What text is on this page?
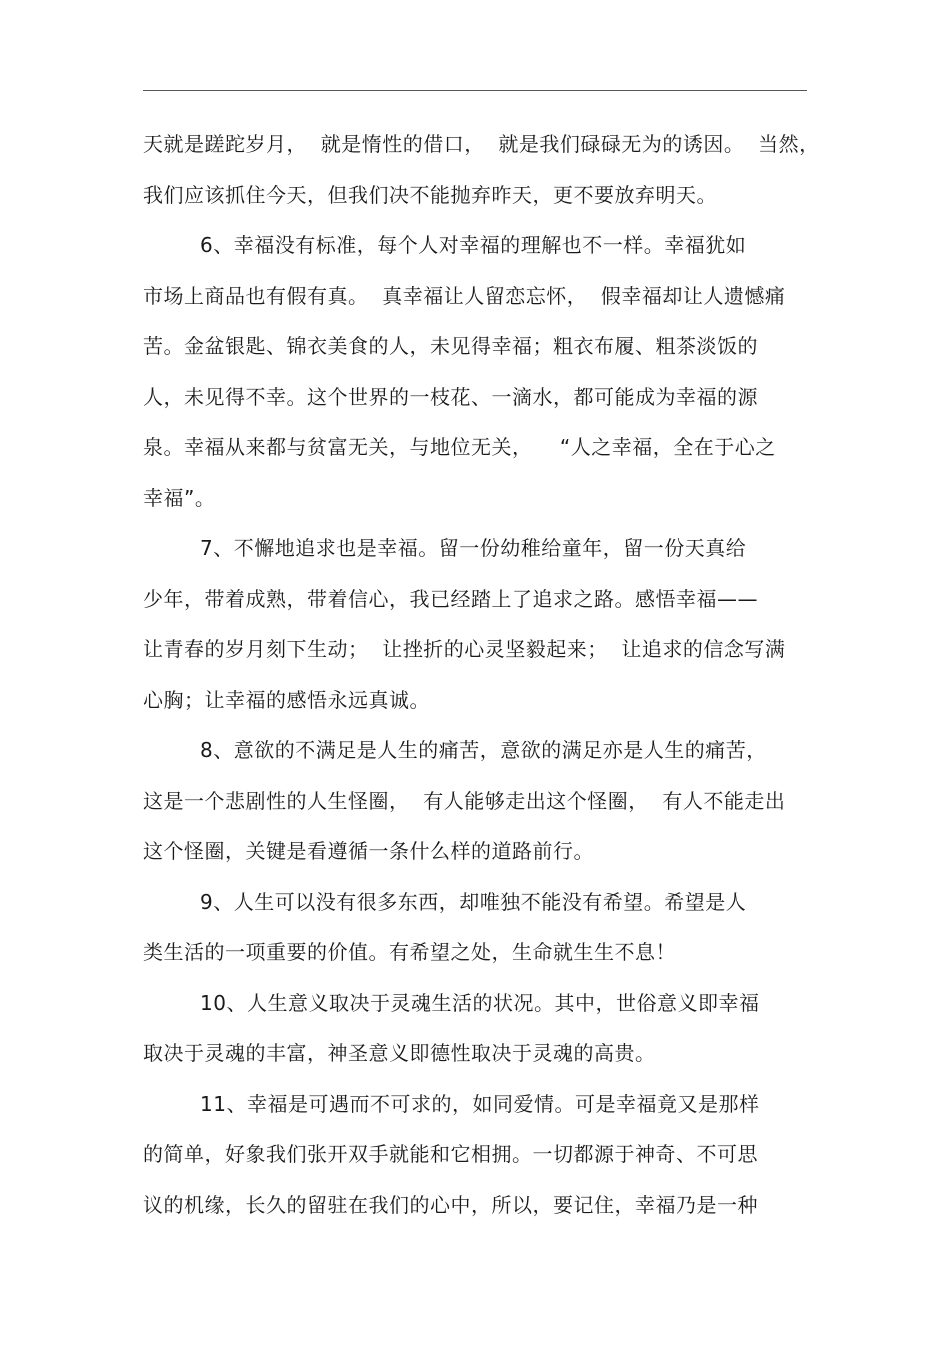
天就是蹉跎岁月，  就是惰性的借口，  就是我们碌碌无为的诱因。  当然，
我们应该抓住今天，但我们决不能抛弃昨天，更不要放弃明天。
6、幸福没有标准，每个人对幸福的理解也不一样。幸福犹如
市场上商品也有假有真。  真幸福让人留恋忘怀，  假幸福却让人遗憾痛
苦。金盆银匙、锦衣美食的人，未见得幸福；粗衣布履、粗茶淡饭的
人，未见得不幸。这个世界的一枝花、一滴水，都可能成为幸福的源
泉。幸福从来都与贫富无关，与地位无关，    “人之幸福，全在于心之
幸福”。
7、不懈地追求也是幸福。留一份幼稚给童年，留一份天真给
少年，带着成熟，带着信心，我已经踏上了追求之路。感悟幸福——
让青春的岁月刻下生动；  让挫折的心灵坚毅起来；  让追求的信念写满
心胸；让幸福的感悟永远真诚。
8、意欲的不满足是人生的痛苦，意欲的满足亦是人生的痛苦，
这是一个悲剧性的人生怪圈，  有人能够走出这个怪圈，  有人不能走出
这个怪圈，关键是看遵循一条什么样的道路前行。
9、人生可以没有很多东西，却唯独不能没有希望。希望是人
类生活的一项重要的价值。有希望之处，生命就生生不息！
10、人生意义取决于灵魂生活的状况。其中，世俗意义即幸福
取决于灵魂的丰富，神圣意义即德性取决于灵魂的高贵。
11、幸福是可遇而不可求的，如同爱情。可是幸福竟又是那样
的简单，好象我们张开双手就能和它相拥。一切都源于神奇、不可思
议的机缘，长久的留驻在我们的心中，所以，要记住，幸福乃是一种
